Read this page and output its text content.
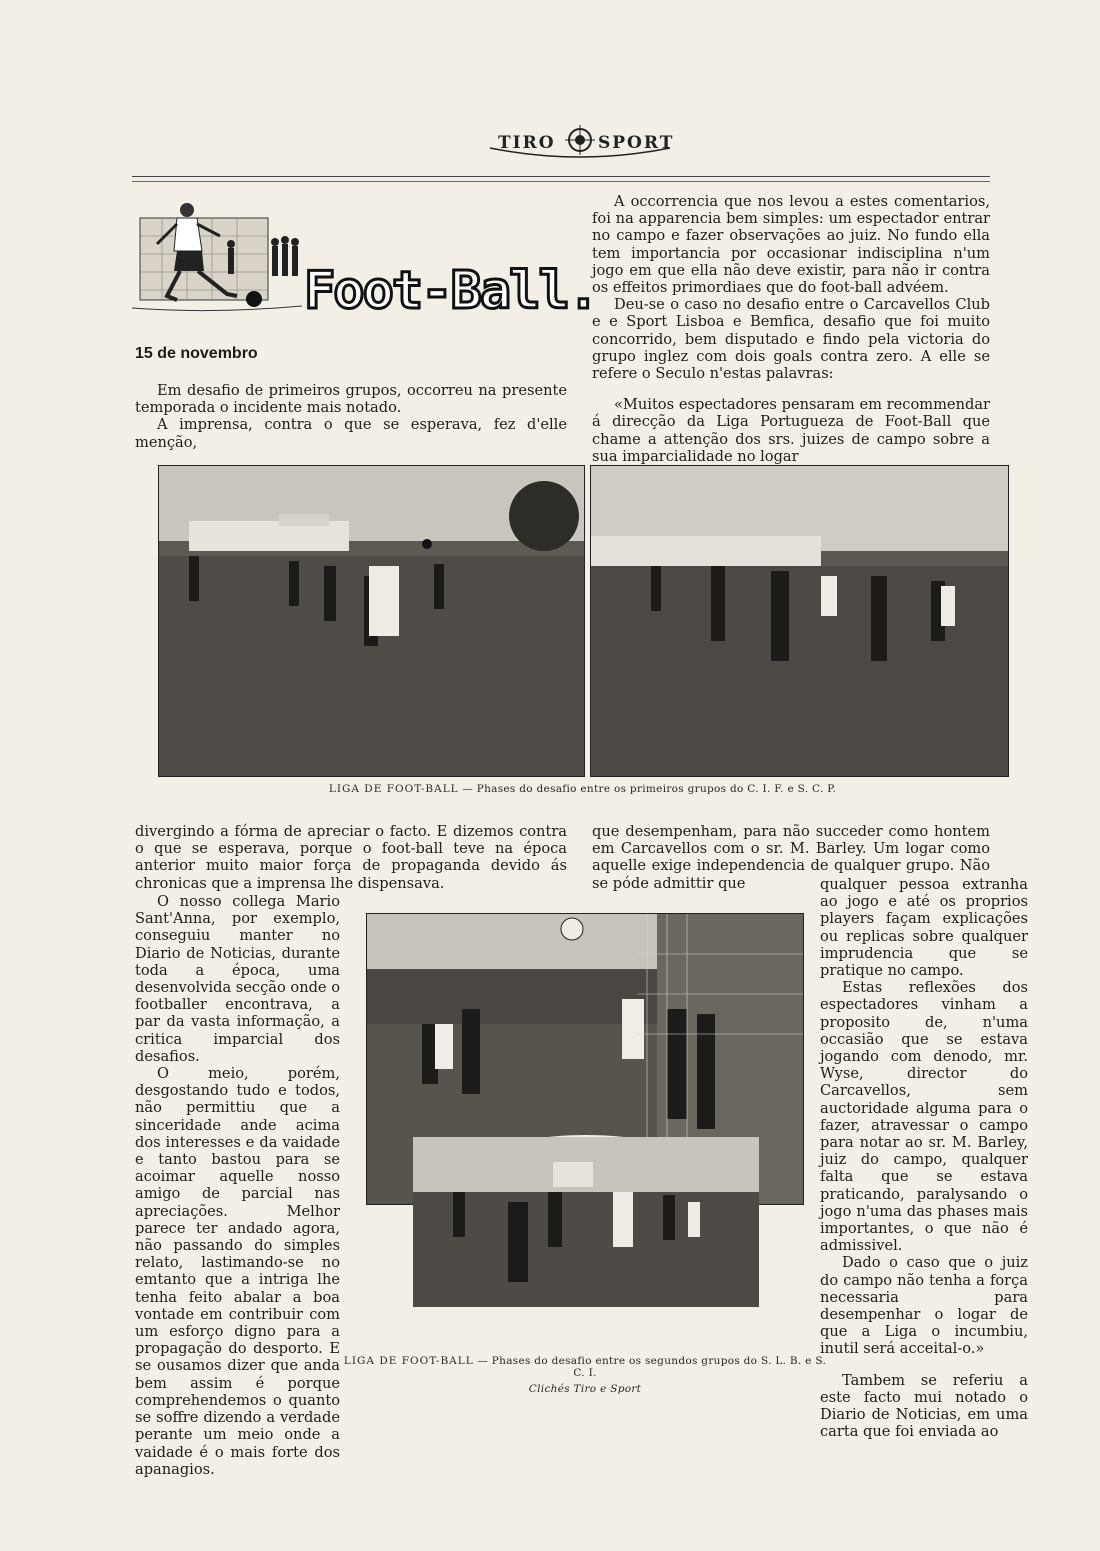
TIRO SPORT
Foot-Ball.
15 de novembro

Em desafio de primeiros grupos, occorreu na presente temporada o incidente mais notado.

A imprensa, contra o que se esperava, fez d'elle menção,

A occorrencia que nos levou a estes comentarios, foi na apparencia bem simples: um espectador entrar no campo e fazer observações ao juiz. No fundo ella tem importancia por occasionar indisciplina n'um jogo em que ella não deve existir, para não ir contra os effeitos primordiaes que do foot-ball advéem.

Deu-se o caso no desafio entre o Carcavellos Club e e Sport Lisboa e Bemfica, desafio que foi muito concorrido, bem disputado e findo pela victoria do grupo inglez com dois goals contra zero. A elle se refere o Seculo n'estas palavras:

«Muitos espectadores pensaram em recommendar á direcção da Liga Portugueza de Foot-Ball que chame a attenção dos srs. juizes de campo sobre a sua imparcialidade no logar

LIGA DE FOOT-BALL — Phases do desafio entre os primeiros grupos do C. I. F. e S. C. P.

divergindo a fórma de apreciar o facto. E dizemos contra o que se esperava, porque o foot-ball teve na época anterior muito maior força de propaganda devido ás chronicas que a imprensa lhe dispensava.

O nosso collega Mario Sant'Anna, por exemplo, conseguiu manter no Diario de Noticias, durante toda a época, uma desenvolvida secção onde o footballer encontrava, a par da vasta informação, a critica imparcial dos desafios.

O meio, porém, desgostando tudo e todos, não permittiu que a sinceridade ande acima dos interesses e da vaidade e tanto bastou para se acoimar aquelle nosso amigo de parcial nas apreciações. Melhor parece ter andado agora, não passando do simples relato, lastimando-se no emtanto que a intriga lhe tenha feito abalar a boa vontade em contribuir com um esforço digno para a propagação do desporto. E se ousamos dizer que anda bem assim é porque comprehendemos o quanto se soffre dizendo a verdade perante um meio onde a vaidade é o mais forte dos apanagios.

que desempenham, para não succeder como hontem em Carcavellos com o sr. M. Barley. Um logar como aquelle exige independencia de qualquer grupo. Não se póde admittir que	qualquer pessoa extranha ao jogo e até os proprios players façam explicações ou replicas sobre qualquer imprudencia que se pratique no campo.

Estas reflexões dos espectadores vinham a proposito de, n'uma occasião que se estava jogando com denodo, mr. Wyse, director do Carcavellos, sem auctoridade alguma para o fazer, atravessar o campo para notar ao sr. M. Barley, juiz do campo, qualquer falta que se estava praticando, paralysando o jogo n'uma das phases mais importantes, o que não é admissivel.

Dado o caso que o juiz do campo não tenha a força necessaria para desempenhar o logar de que a Liga o incumbiu, inutil será acceital-o.»

Tambem se referiu a este facto mui notado o Diario de Noticias, em uma carta que foi enviada ao

LIGA DE FOOT-BALL — Phases do desafio entre os segundos grupos do S. L. B. e S. C. I.
Clichés Tiro e Sport
